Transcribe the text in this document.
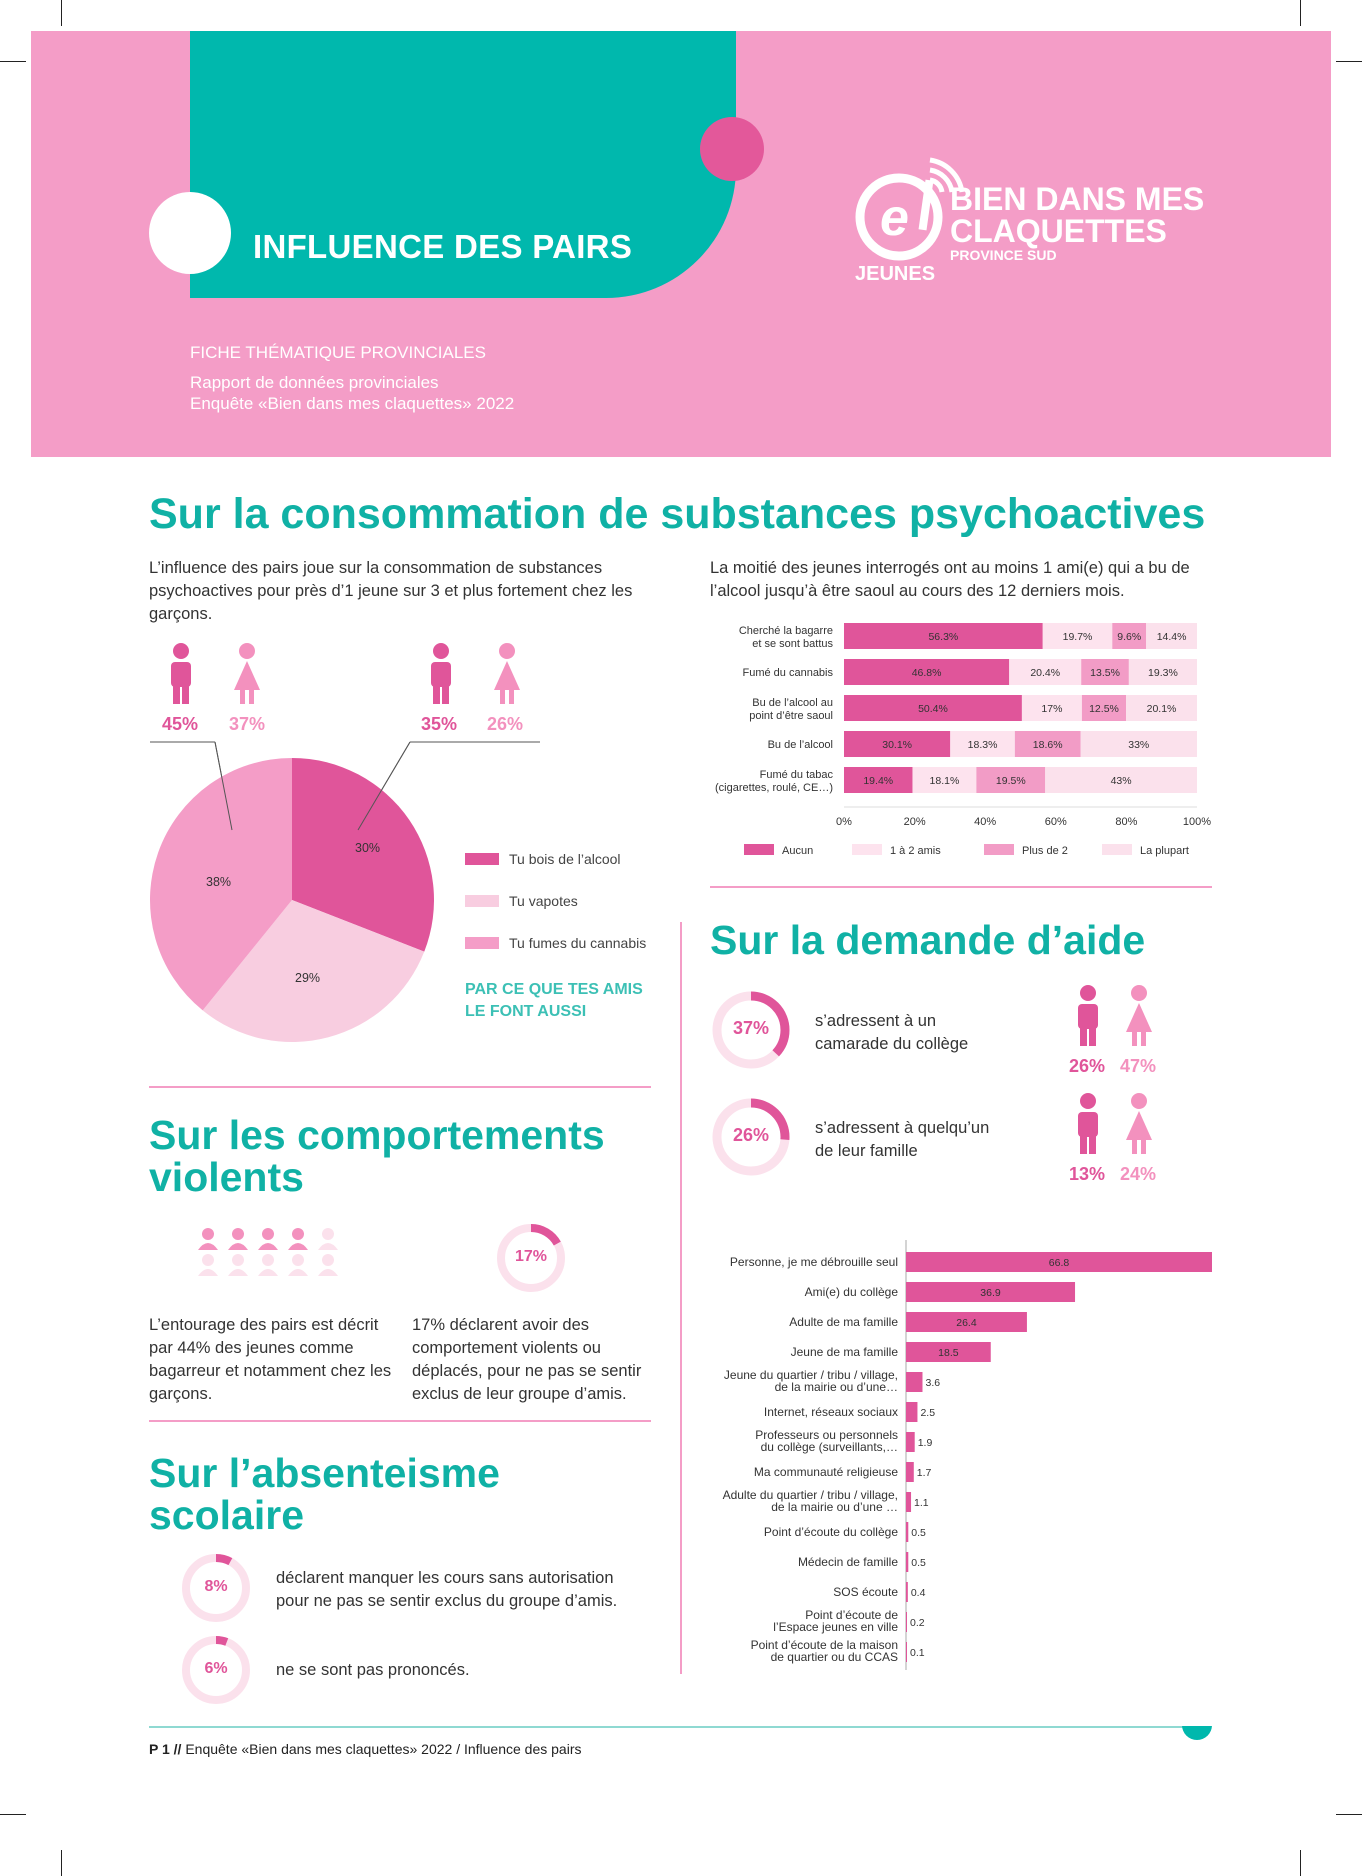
INFLUENCE DES PAIRS
FICHE THÉMATIQUE PROVINCIALES
Rapport de données provinciales
Enquête «Bien dans mes claquettes» 2022
e BIEN DANS MES
CLAQUETTES
PROVINCE SUD
JEUNES
Sur la consommation de substances psychoactives
L’influence des pairs joue sur la consommation de substances psychoactives pour près d’1 jeune sur 3 et plus fortement chez les garçons.
La moitié des jeunes interrogés ont au moins 1 ami(e) qui a bu de l’alcool jusqu’à être saoul au cours des 12 derniers mois.
45% 37%	35% 26%
30%
29%
38%
Tu bois de l’alcool
Tu vapotes
Tu fumes du cannabis
PAR CE QUE TES AMIS
LE FONT AUSSI
56.3%	19.7% 9.6% 14.4%
Cherché la bagarre
et se sont battus
46.8%	20.4%	13.5%	19.3%
Fumé du cannabis
50.4%	17%	12.5%	20.1%
Bu de l’alcool au
point d’être saoul
30.1%	18.3%	18.6%	33%
Bu de l’alcool
19.4%	18.1%	19.5%	43%
Fumé du tabac
(cigarettes, roulé, CE…)
0%	20%	40%	60%	80%	100%
Aucun	1 à 2 amis	Plus de 2	La plupart
Sur la demande d’aide
37%	s’adressent à un
camarade du collège
26% 47%
26%	s’adressent à quelqu’un
de leur famille
13% 24%
66.8
Personne, je me débrouille seul
36.9
Ami(e) du collège
26.4
Adulte de ma famille
18.5
Jeune de ma famille
3.6
Jeune du quartier / tribu / village,
de la mairie ou d’une…
2.5
Internet, réseaux sociaux
1.9
Professeurs ou personnels
du collège (surveillants,…
1.7
Ma communauté religieuse
1.1
Adulte du quartier / tribu / village,
de la mairie ou d’une …
0.5
Point d’écoute du collège
0.5
Médecin de famille
0.4
SOS écoute
0.2
Point d’écoute de
l’Espace jeunes en ville
0.1
Point d’écoute de la maison
de quartier ou du CCAS
Sur les comportements
violents
17%
L’entourage des pairs est décrit par 44% des jeunes comme bagarreur et notamment chez les garçons.
17% déclarent avoir des comportement violents ou déplacés, pour ne pas se sentir exclus de leur groupe d’amis.
Sur l’absenteisme
scolaire
8%	déclarent manquer les cours sans autorisation
pour ne pas se sentir exclus du groupe d’amis.
6%	ne se sont pas prononcés.
P 1 // Enquête «Bien dans mes claquettes» 2022 / Influence des pairs
